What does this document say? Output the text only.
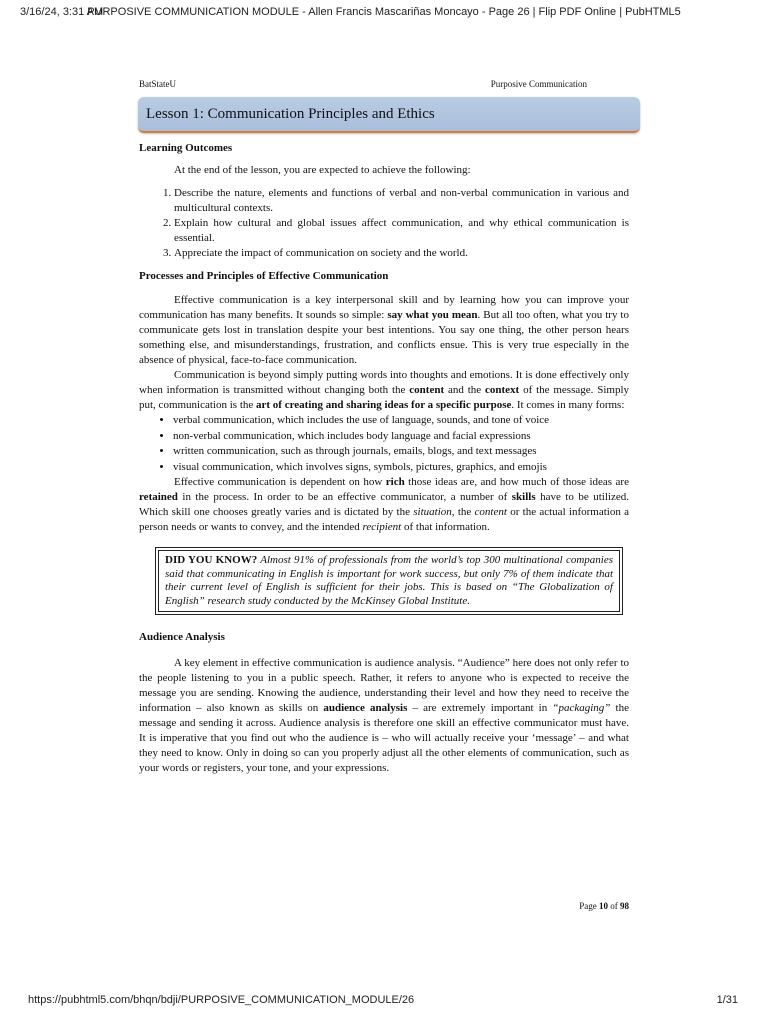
3/16/24, 3:31 AM
PURPOSIVE COMMUNICATION MODULE - Allen Francis Mascariñas Moncayo - Page 26 | Flip PDF Online | PubHTML5
BatStateU	Purposive Communication
Lesson 1: Communication Principles and Ethics
Learning Outcomes

At the end of the lesson, you are expected to achieve the following:

1. Describe the nature, elements and functions of verbal and non-verbal communication in various and multicultural contexts.
2. Explain how cultural and global issues affect communication, and why ethical communication is essential.
3. Appreciate the impact of communication on society and the world.
Processes and Principles of Effective Communication

Effective communication is a key interpersonal skill and by learning how you can improve your communication has many benefits. It sounds so simple: say what you mean. But all too often, what you try to communicate gets lost in translation despite your best intentions. You say one thing, the other person hears something else, and misunderstandings, frustration, and conflicts ensue. This is very true especially in the absence of physical, face-to-face communication.

Communication is beyond simply putting words into thoughts and emotions. It is done effectively only when information is transmitted without changing both the content and the context of the message. Simply put, communication is the art of creating and sharing ideas for a specific purpose. It comes in many forms:

• verbal communication, which includes the use of language, sounds, and tone of voice
• non-verbal communication, which includes body language and facial expressions
• written communication, such as through journals, emails, blogs, and text messages
• visual communication, which involves signs, symbols, pictures, graphics, and emojis

Effective communication is dependent on how rich those ideas are, and how much of those ideas are retained in the process. In order to be an effective communicator, a number of skills have to be utilized. Which skill one chooses greatly varies and is dictated by the situation, the content or the actual information a person needs or wants to convey, and the intended recipient of that information.

DID YOU KNOW? Almost 91% of professionals from the world’s top 300 multinational companies said that communicating in English is important for work success, but only 7% of them indicate that their current level of English is sufficient for their jobs. This is based on “The Globalization of English” research study conducted by the McKinsey Global Institute.
Audience Analysis

A key element in effective communication is audience analysis. “Audience” here does not only refer to the people listening to you in a public speech. Rather, it refers to anyone who is expected to receive the message you are sending. Knowing the audience, understanding their level and how they need to receive the information – also known as skills on audience analysis – are extremely important in “packaging” the message and sending it across. Audience analysis is therefore one skill an effective communicator must have. It is imperative that you find out who the audience is – who will actually receive your ‘message’ – and what they need to know. Only in doing so can you properly adjust all the other elements of communication, such as your words or registers, your tone, and your expressions.

Page 10 of 98
https://pubhtml5.com/bhqn/bdji/PURPOSIVE_COMMUNICATION_MODULE/26	1/31
